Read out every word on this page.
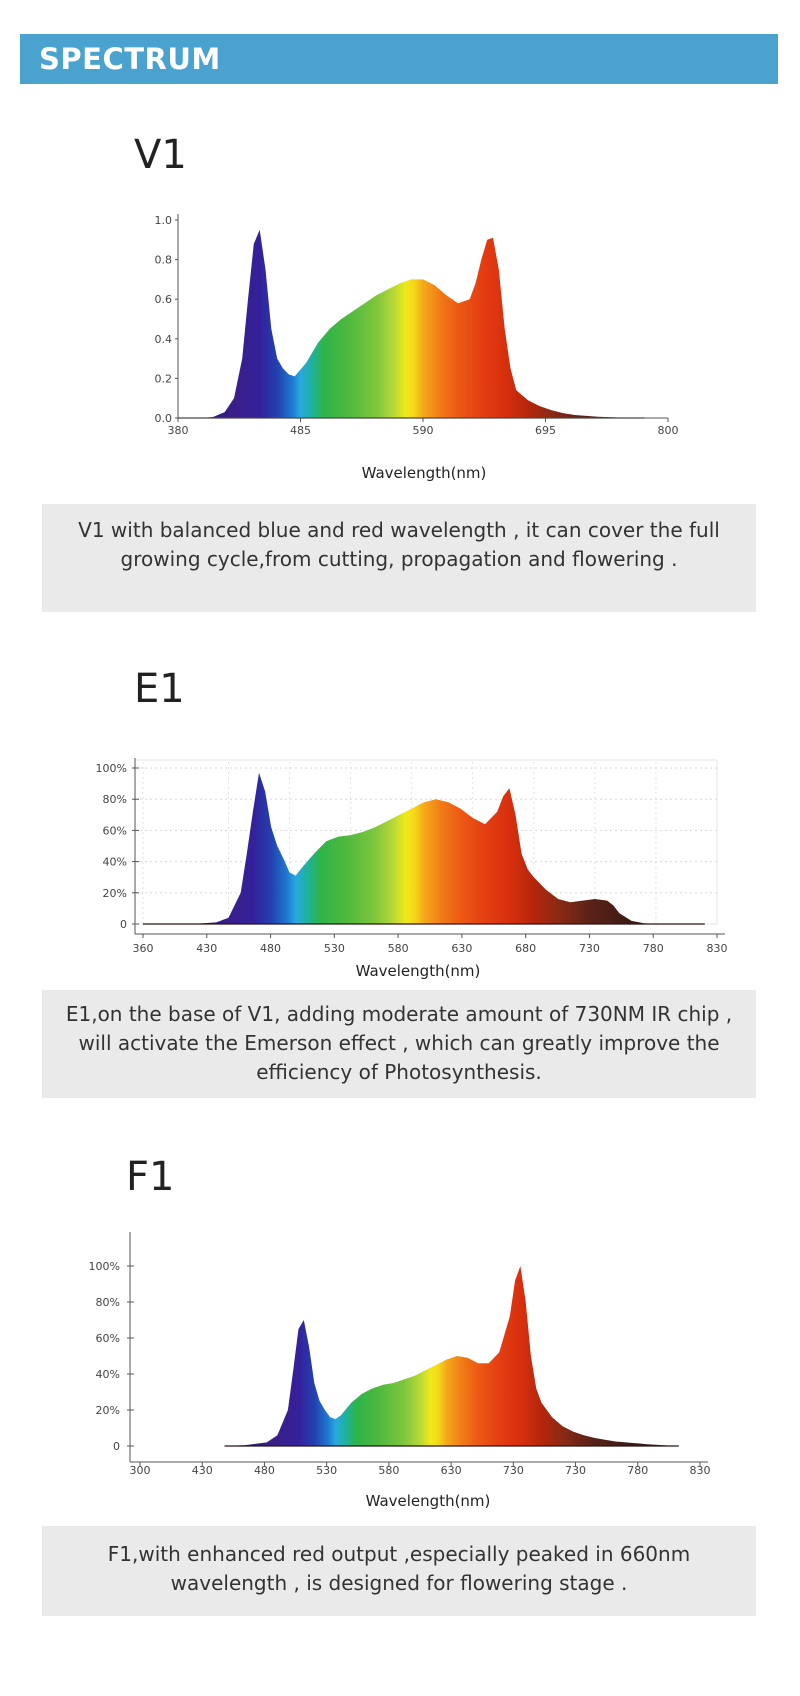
SPECTRUM
V1
0.0
0.2
0.4
0.6
0.8
1.0
380	485	590	695	800
Wavelength(nm)
V1 with balanced blue and red wavelength , it can cover the full
growing cycle,from cutting, propagation and flowering .
E1
0
20%
40%
60%
80%
100%
360	430	480	530	580	630	680	730	780	830
Wavelength(nm)
E1,on the base of V1, adding moderate amount of 730NM IR chip ,
will activate the Emerson effect , which can greatly improve the
efficiency of Photosynthesis.
F1
0
20%
40%
60%
80%
100%
300	430	480	530	580	630	730	730	780	830
Wavelength(nm)
F1,with enhanced red output ,especially peaked in 660nm
wavelength , is designed for flowering stage .
